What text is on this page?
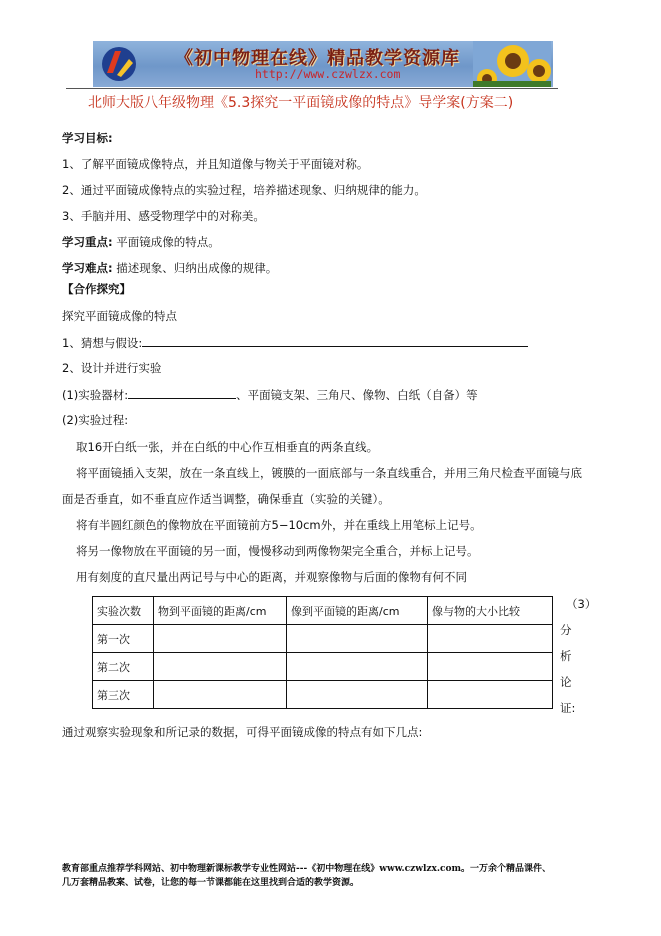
《初中物理在线》精品教学资源库
http://www.czwlzx.com
北师大版八年级物理《5.3探究一平面镜成像的特点》导学案(方案二)
学习目标:
1、了解平面镜成像特点，并且知道像与物关于平面镜对称。
2、通过平面镜成像特点的实验过程，培养描述现象、归纳规律的能力。
3、手脑并用、感受物理学中的对称美。
学习重点: 平面镜成像的特点。
学习难点: 描述现象、归纳出成像的规律。
【合作探究】
探究平面镜成像的特点
1、猜想与假设:
2、设计并进行实验
(1)实验器材:	、平面镜支架、三角尺、像物、白纸（自备）等
(2)实验过程:
取16开白纸一张，并在白纸的中心作互相垂直的两条直线。
将平面镜插入支架，放在一条直线上，镀膜的一面底部与一条直线重合，并用三角尺检查平面镜与底
面是否垂直，如不垂直应作适当调整，确保垂直（实验的关键）。
将有半圆红颜色的像物放在平面镜前方5−10cm外，并在重线上用笔标上记号。
将另一像物放在平面镜的另一面，慢慢移动到两像物架完全重合，并标上记号。
用有刻度的直尺量出两记号与中心的距离，并观察像物与后面的像物有何不同
实验次数	物到平面镜的距离/cm	像到平面镜的距离/cm	像与物的大小比较
第一次			
第二次			
第三次			
（3）
分
析
论
证:
通过观察实验现象和所记录的数据，可得平面镜成像的特点有如下几点:
教育部重点推荐学科网站、初中物理新课标教学专业性网站---《初中物理在线》www.czwlzx.com。一万余个精品课件、
几万套精品教案、试卷，让您的每一节课都能在这里找到合适的教学资源。
